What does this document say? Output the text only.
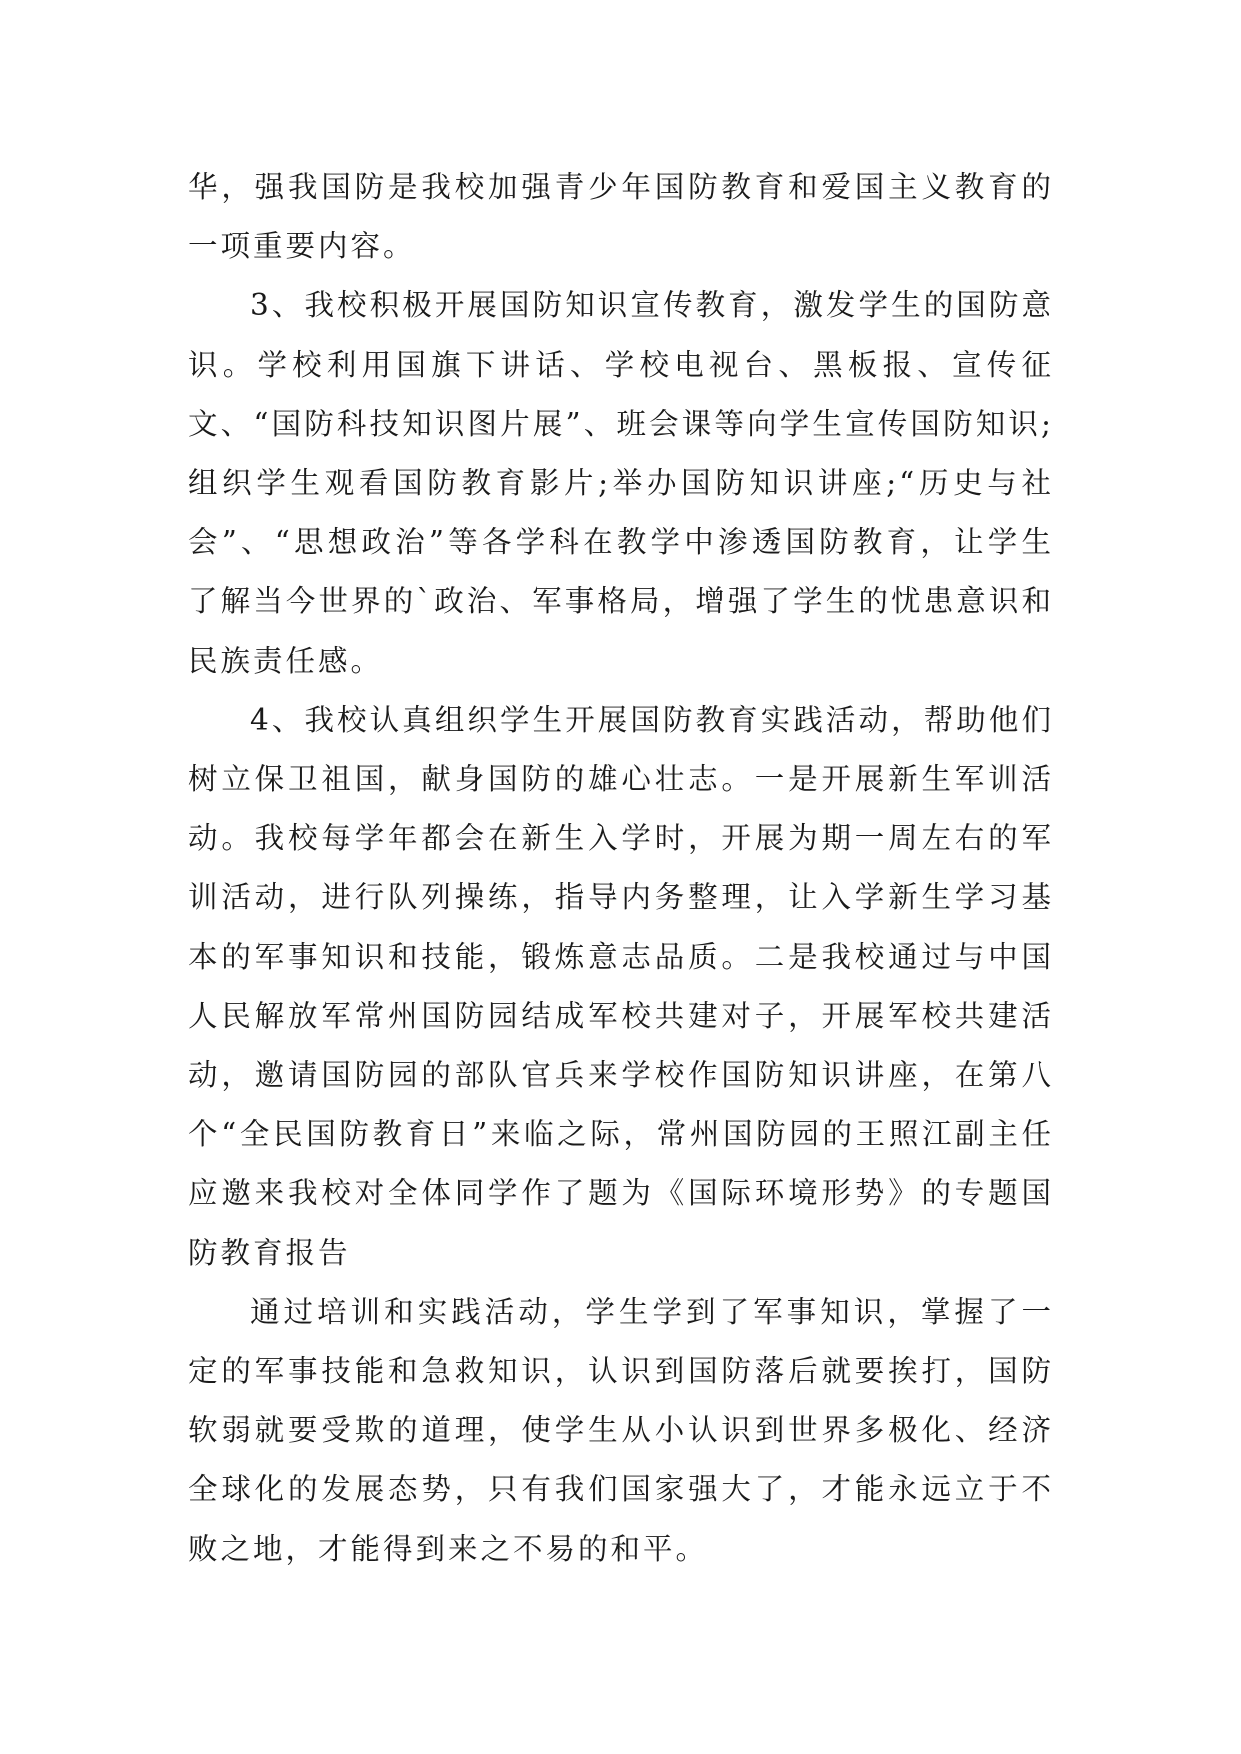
华，强我国防是我校加强青少年国防教育和爱国主义教育的一项重要内容。

3、我校积极开展国防知识宣传教育，激发学生的国防意识。学校利用国旗下讲话、学校电视台、黑板报、宣传征文、“国防科技知识图片展”、班会课等向学生宣传国防知识;组织学生观看国防教育影片;举办国防知识讲座;“历史与社会”、“思想政治”等各学科在教学中渗透国防教育，让学生了解当今世界的`政治、军事格局，增强了学生的忧患意识和民族责任感。

4、我校认真组织学生开展国防教育实践活动，帮助他们树立保卫祖国，献身国防的雄心壮志。一是开展新生军训活动。我校每学年都会在新生入学时，开展为期一周左右的军训活动，进行队列操练，指导内务整理，让入学新生学习基本的军事知识和技能，锻炼意志品质。二是我校通过与中国人民解放军常州国防园结成军校共建对子，开展军校共建活动，邀请国防园的部队官兵来学校作国防知识讲座，在第八个“全民国防教育日”来临之际，常州国防园的王照江副主任应邀来我校对全体同学作了题为《国际环境形势》的专题国防教育报告

通过培训和实践活动，学生学到了军事知识，掌握了一定的军事技能和急救知识，认识到国防落后就要挨打，国防软弱就要受欺的道理，使学生从小认识到世界多极化、经济全球化的发展态势，只有我们国家强大了，才能永远立于不败之地，才能得到来之不易的和平。
